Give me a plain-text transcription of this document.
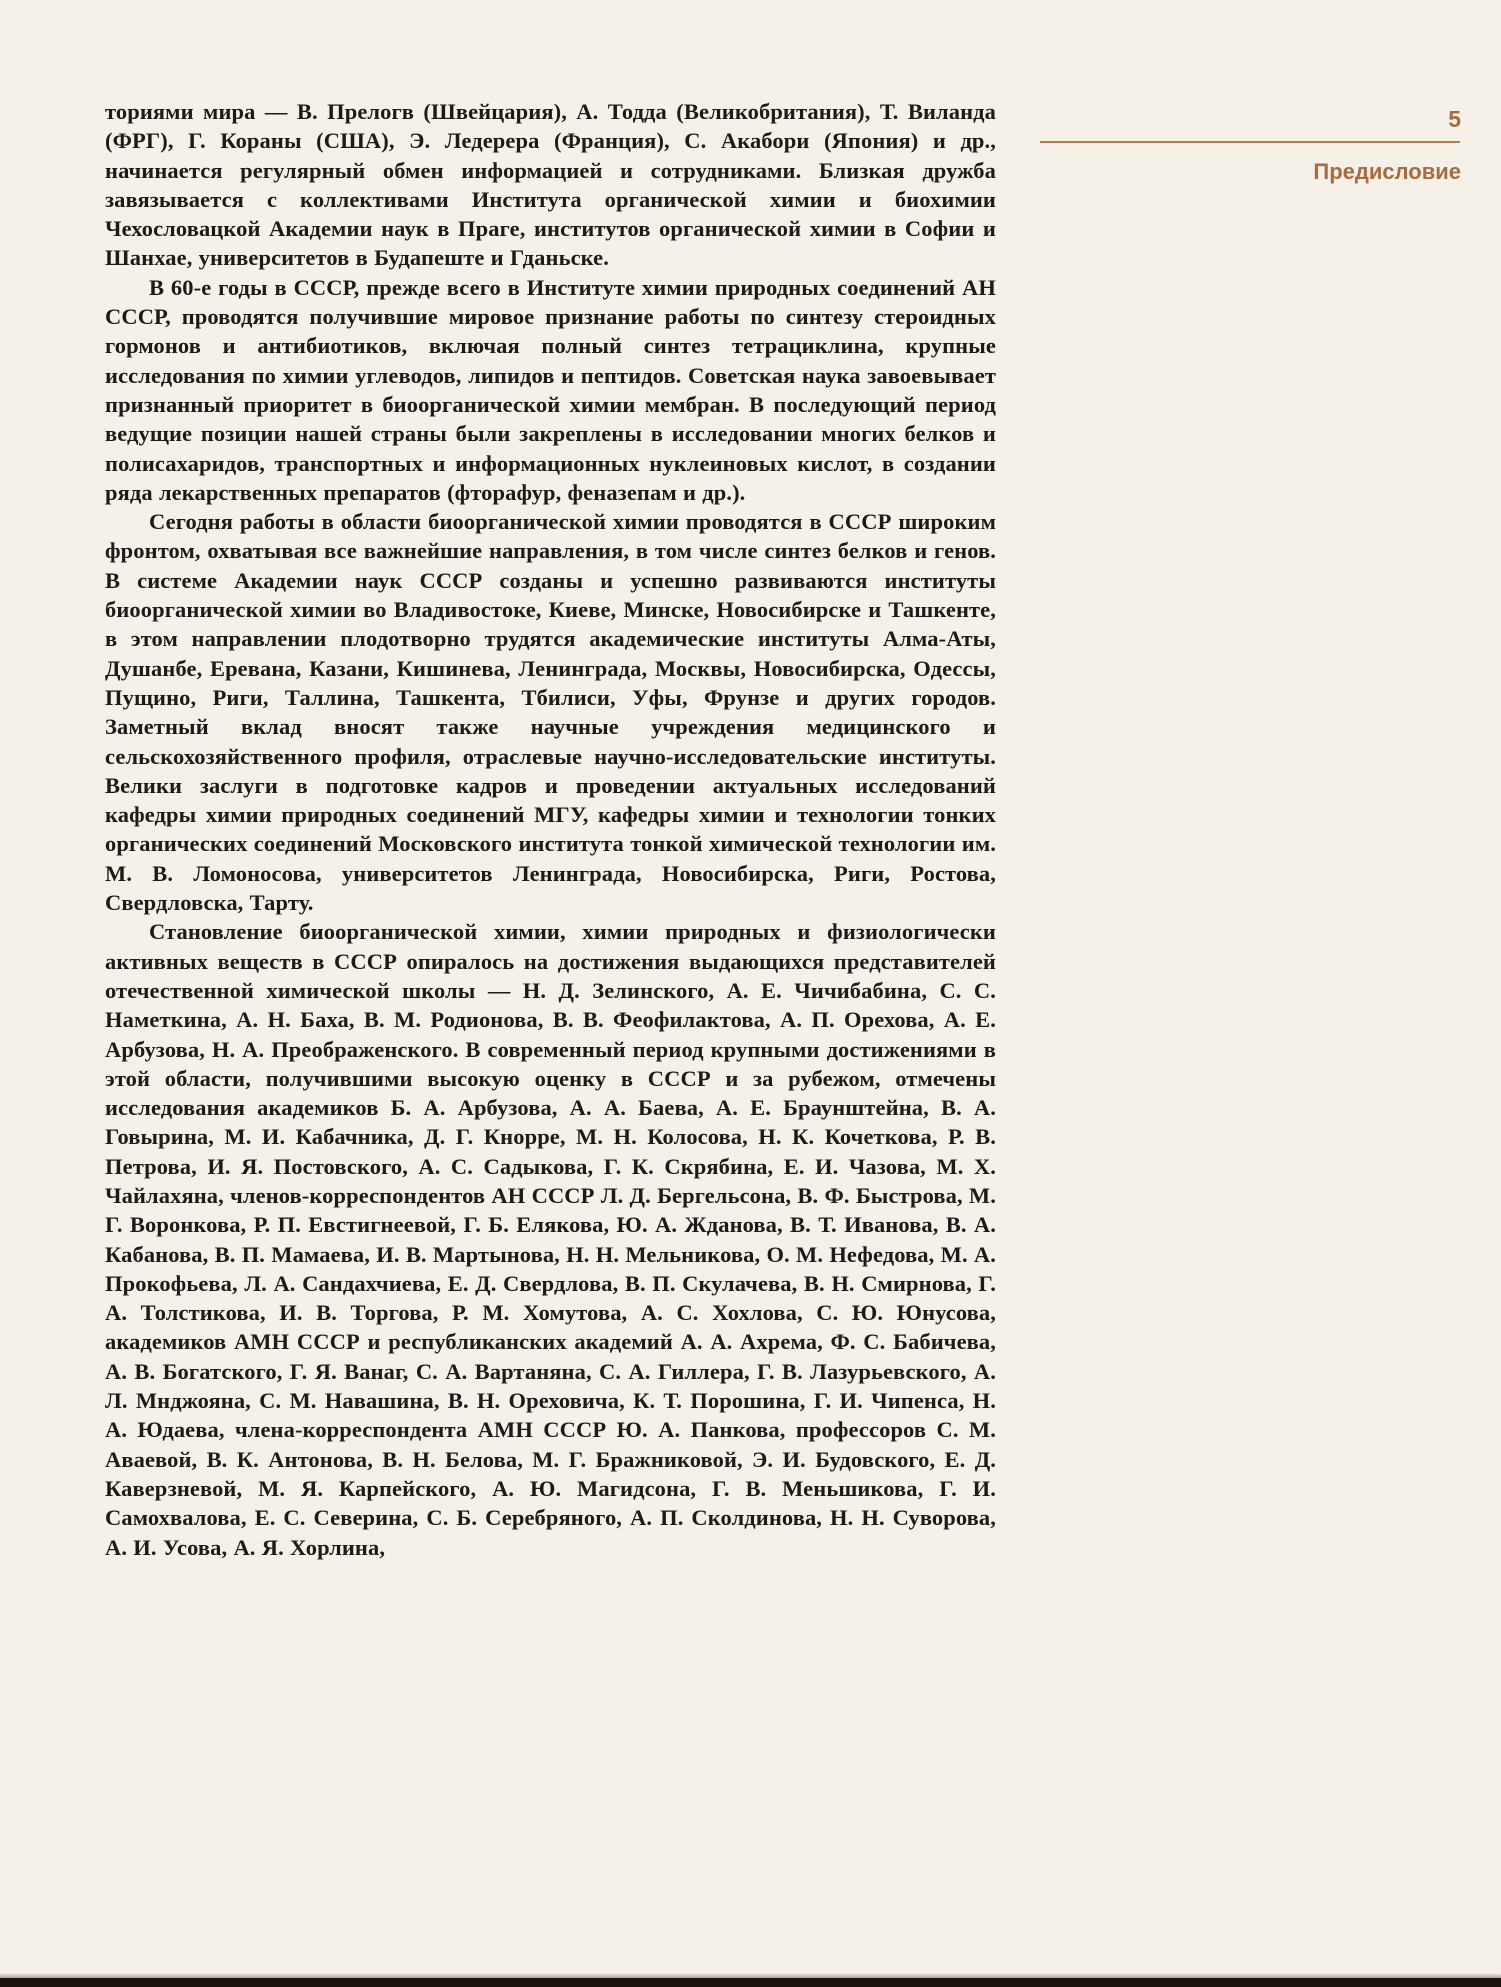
5
Предисловие

ториями мира — В. Прелогв (Швейцария), А. Тодда (Великобритания), Т. Виланда (ФРГ), Г. Кораны (США), Э. Ледерера (Франция), С. Акабори (Япония) и др., начинается регулярный обмен информацией и сотрудниками. Близкая дружба завязывается с коллективами Института органической химии и биохимии Чехословацкой Академии наук в Праге, институтов органической химии в Софии и Шанхае, университетов в Будапеште и Гданьске.

В 60-е годы в СССР, прежде всего в Институте химии природных соединений АН СССР, проводятся получившие мировое признание работы по синтезу стероидных гормонов и антибиотиков, включая полный синтез тетрациклина, крупные исследования по химии углеводов, липидов и пептидов. Советская наука завоевывает признанный приоритет в биоорганической химии мембран. В последующий период ведущие позиции нашей страны были закреплены в исследовании многих белков и полисахаридов, транспортных и информационных нуклеиновых кислот, в создании ряда лекарственных препаратов (фторафур, феназепам и др.).

Сегодня работы в области биоорганической химии проводятся в СССР широким фронтом, охватывая все важнейшие направления, в том числе синтез белков и генов. В системе Академии наук СССР созданы и успешно развиваются институты биоорганической химии во Владивостоке, Киеве, Минске, Новосибирске и Ташкенте, в этом направлении плодотворно трудятся академические институты Алма-Аты, Душанбе, Еревана, Казани, Кишинева, Ленинграда, Москвы, Новосибирска, Одессы, Пущино, Риги, Таллина, Ташкента, Тбилиси, Уфы, Фрунзе и других городов. Заметный вклад вносят также научные учреждения медицинского и сельскохозяйственного профиля, отраслевые научно-исследовательские институты. Велики заслуги в подготовке кадров и проведении актуальных исследований кафедры химии природных соединений МГУ, кафедры химии и технологии тонких органических соединений Московского института тонкой химической технологии им. М. В. Ломоносова, университетов Ленинграда, Новосибирска, Риги, Ростова, Свердловска, Тарту.

Становление биоорганической химии, химии природных и физиологически активных веществ в СССР опиралось на достижения выдающихся представителей отечественной химической школы — Н. Д. Зелинского, А. Е. Чичибабина, С. С. Наметкина, А. Н. Баха, В. М. Родионова, В. В. Феофилактова, А. П. Орехова, А. Е. Арбузова, Н. А. Преображенского. В современный период крупными достижениями в этой области, получившими высокую оценку в СССР и за рубежом, отмечены исследования академиков Б. А. Арбузова, А. А. Баева, А. Е. Браунштейна, В. А. Говырина, М. И. Кабачника, Д. Г. Кнорре, М. Н. Колосова, Н. К. Кочеткова, Р. В. Петрова, И. Я. Постовского, А. С. Садыкова, Г. К. Скрябина, Е. И. Чазова, М. Х. Чайлахяна, членов-корреспондентов АН СССР Л. Д. Бергельсона, В. Ф. Быстрова, М. Г. Воронкова, Р. П. Евстигнеевой, Г. Б. Елякова, Ю. А. Жданова, В. Т. Иванова, В. А. Кабанова, В. П. Мамаева, И. В. Мартынова, Н. Н. Мельникова, О. М. Нефедова, М. А. Прокофьева, Л. А. Сандахчиева, Е. Д. Свердлова, В. П. Скулачева, В. Н. Смирнова, Г. А. Толстикова, И. В. Торгова, Р. М. Хомутова, А. С. Хохлова, С. Ю. Юнусова, академиков АМН СССР и республиканских академий А. А. Ахрема, Ф. С. Бабичева, А. В. Богатского, Г. Я. Ванаг, С. А. Вартаняна, С. А. Гиллера, Г. В. Лазурьевского, А. Л. Мнджояна, С. М. Навашина, В. Н. Ореховича, К. Т. Порошина, Г. И. Чипенса, Н. А. Юдаева, члена-корреспондента АМН СССР Ю. А. Панкова, профессоров С. М. Аваевой, В. К. Антонова, В. Н. Белова, М. Г. Бражниковой, Э. И. Будовского, Е. Д. Каверзневой, М. Я. Карпейского, А. Ю. Магидсона, Г. В. Меньшикова, Г. И. Самохвалова, Е. С. Северина, С. Б. Серебряного, А. П. Сколдинова, Н. Н. Суворова, А. И. Усова, А. Я. Хорлина,
